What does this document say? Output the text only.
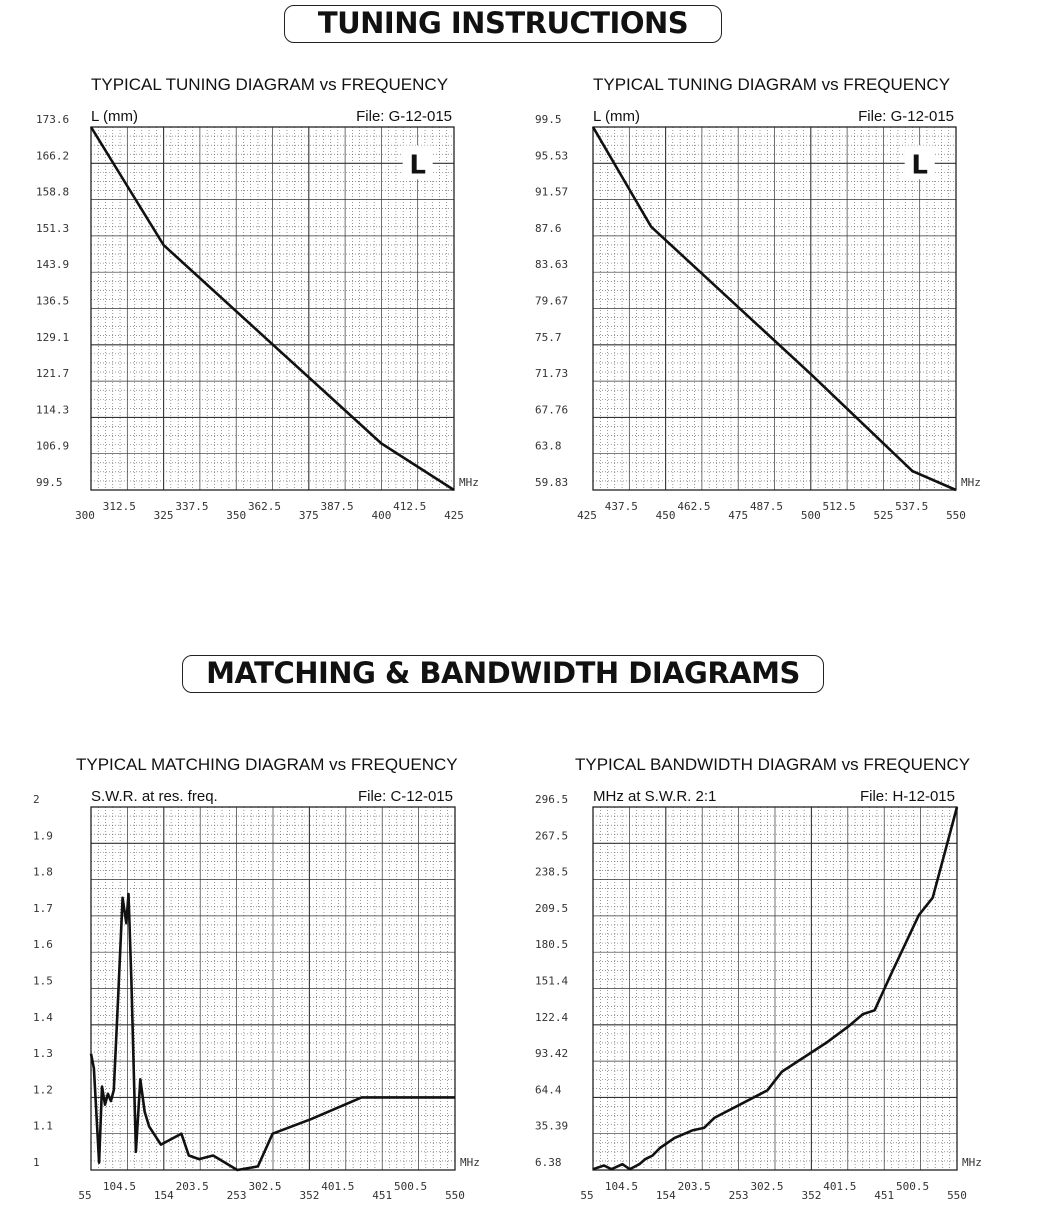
TUNING INSTRUCTIONS
MATCHING & BANDWIDTH DIAGRAMS
TYPICAL TUNING DIAGRAM vs FREQUENCY
L (mm)	File: G-12-015
173.6
166.2
158.8
151.3
143.9
136.5
129.1
121.7
114.3
106.9
99.5
300	325	350	375	400	425
312.5	337.5	362.5	387.5	412.5
MHz
L
TYPICAL TUNING DIAGRAM vs FREQUENCY
L (mm)	File: G-12-015
99.5
95.53
91.57
87.6
83.63
79.67
75.7
71.73
67.76
63.8
59.83
425	450	475	500	525	550
437.5	462.5	487.5	512.5	537.5
MHz
L
TYPICAL MATCHING DIAGRAM vs FREQUENCY
S.W.R. at res. freq.	File: C-12-015
2
1.9
1.8
1.7
1.6
1.5
1.4
1.3
1.2
1.1
1
55	154	253	352	451	550
104.5	203.5	302.5	401.5	500.5
MHz
TYPICAL BANDWIDTH DIAGRAM vs FREQUENCY
MHz at S.W.R. 2:1	File: H-12-015
296.5
267.5
238.5
209.5
180.5
151.4
122.4
93.42
64.4
35.39
6.38
55	154	253	352	451	550
104.5	203.5	302.5	401.5	500.5
MHz
